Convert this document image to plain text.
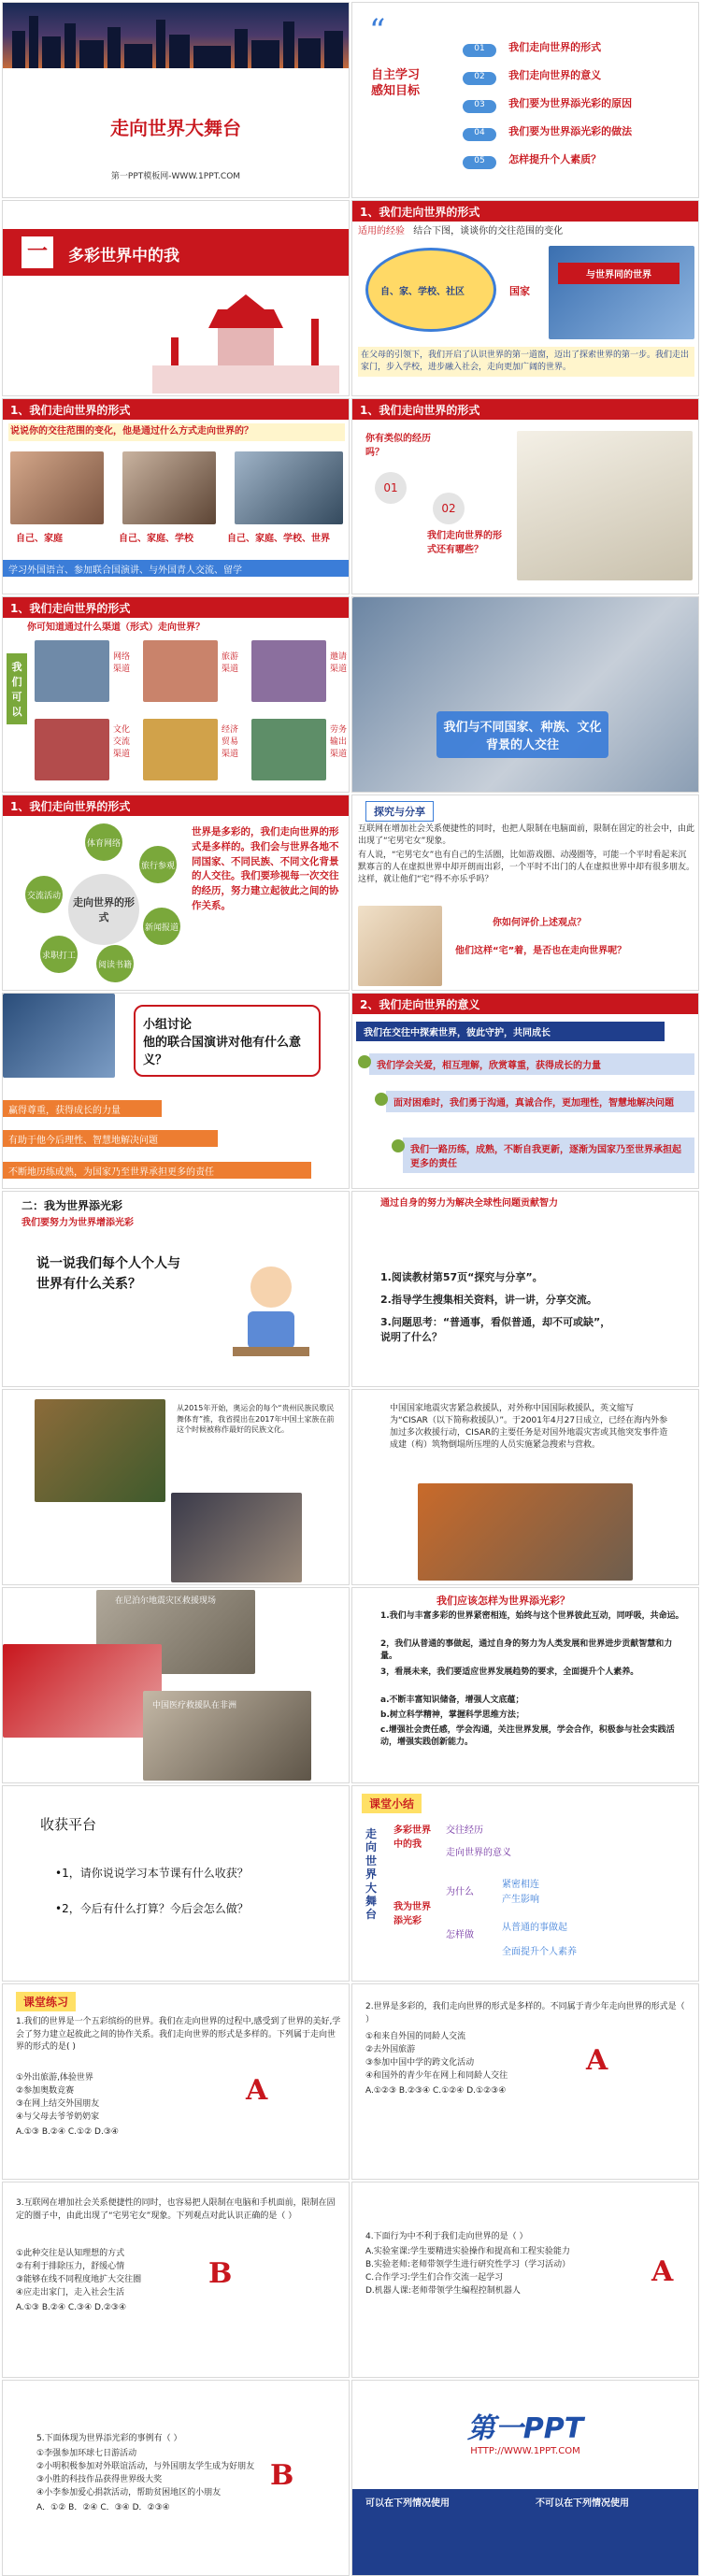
走向世界大舞台
第一PPT模板网-WWW.1PPT.COM
“
自主学习
感知目标
01 我们走向世界的形式
02 我们走向世界的意义
03 我们要为世界添光彩的原因
04 我们要为世界添光彩的做法
05 怎样提升个人素质？
一	多彩世界中的我
1、我们走向世界的形式
适用的经验 结合下图，谈谈你的交往范围的变化
自、家、学校、社区	国家
与世界同的世界
在父母的引领下，我们开启了认识世界的第一道窗，迈出了探索世界的第一步。我们走出家门，步入学校，进步融入社会，走向更加广阔的世界。
1、我们走向世界的形式
说说你的交往范围的变化，他是通过什么方式走向世界的？
自己、家庭	自己、家庭、学校	自己、家庭、学校、世界
学习外国语言、参加联合国演讲、与外国青人交流、留学
1、我们走向世界的形式
你有类似的经历吗？
01
02
我们走向世界的形式还有哪些？
1、我们走向世界的形式
你可知道通过什么渠道（形式）走向世界？
我们可以
网络渠道
旅游渠道
邀请渠道
文化交流渠道
经济贸易渠道
劳务输出渠道
我们与不同国家、种族、文化背景的人交往
1、我们走向世界的形式
走向世界的形式
体育网络
旅行参观
新闻报道
阅读书籍
求职打工
交流活动
世界是多彩的，我们走向世界的形式是多样的。我们会与世界各地不同国家、不同民族、不同文化背景的人交往。我们要珍视每一次交往的经历，努力建立起彼此之间的协作关系。
探究与分享
互联网在增加社会关系便捷性的同时，也把人限制在电脑面前，限制在固定的社会中，由此出现了“宅男宅女”现象。
有人说，“宅男宅女”也有自己的生活圈，比如游戏圈、动漫圈等，可能一个平时看起来沉默寡言的人在虚拟世界中却开朗而出彩，一个平时不出门的人在虚拟世界中却有很多朋友。这样，就让他们“宅”得不亦乐乎吗？
你如何评价上述观点？
他们这样“宅”着，是否也在走向世界呢？
小组讨论
他的联合国演讲对他有什么意义？
赢得尊重，获得成长的力量
有助于他今后理性、智慧地解决问题
不断地历练成熟，为国家乃至世界承担更多的责任
2、我们走向世界的意义
我们在交往中探索世界，彼此守护，共同成长
我们学会关爱，相互理解，欣赏尊重，获得成长的力量
面对困难时，我们勇于沟通，真诚合作，更加理性，智慧地解决问题
我们一路历练，成熟，不断自我更新，逐渐为国家乃至世界承担起更多的责任
二：我为世界添光彩
我们要努力为世界增添光彩
说一说我们每个人个人与世界有什么关系？
通过自身的努力为解决全球性问题贡献智力
1.阅读教材第57页“探究与分享”。
2.指导学生搜集相关资料，讲一讲，分享交流。
3.问题思考：“普通事，看似普通，却不可或缺”，说明了什么？
从2015年开始，奥运会的每个“贵州民族民歌民舞体育”推，我省提出在2017年中国土家族在前这个时候被称作最好的民族文化。
中国国家地震灾害紧急救援队，对外称中国国际救援队，英文缩写为“CISAR（以下简称救援队）”。于2001年4月27日成立，已经在海内外参加过多次救援行动，CISAR的主要任务是对国外地震灾害或其他突发事件造成建（构）筑物倒塌所压埋的人员实施紧急搜索与营救。
在尼泊尔地震灾区救援现场
中国医疗救援队在非洲
我们应该怎样为世界添光彩？
1.我们与丰富多彩的世界紧密相连，始终与这个世界彼此互动，同呼吸，共命运。
2，我们从普通的事做起，通过自身的努力为人类发展和世界进步贡献智慧和力量。
3，看展未来，我们要适应世界发展趋势的要求，全面提升个人素养。
a.不断丰富知识储备，增强人文底蕴；
b.树立科学精神，掌握科学思维方法；
c.增强社会责任感，学会沟通，关注世界发展，学会合作，积极参与社会实践活动，增强实践创新能力。
收获平台
•1，请你说说学习本节课有什么收获？
•2，今后有什么打算？今后会怎么做？
课堂小结
走向世界大舞台
多彩世界中的我
交往经历
走向世界的意义
我为世界添光彩
为什么
紧密相连
产生影响
怎样做
从普通的事做起
全面提升个人素养
课堂练习
1.我们的世界是一个五彩缤纷的世界。我们在走向世界的过程中,感受到了世界的美好,学会了努力建立起彼此之间的协作关系。我们走向世界的形式是多样的。下列属于走向世界的形式的是( )
①外出旅游,体验世界
②参加奥数竞赛
③在网上结交外国朋友
④与父母去爷爷奶奶家
A.①③ B.②④ C.①② D.③④
A
2.世界是多彩的，我们走向世界的形式是多样的。不同属于青少年走向世界的形式是（ ）
①和来自外国的同龄人交流
②去外国旅游
③参加中国中学的跨文化活动
④和国外的青少年在网上和同龄人交往
A.①②③ B.②③④ C.①②④ D.①②③④
A
3.互联网在增加社会关系便捷性的同时，也容易把人限制在电脑和手机面前，限制在固定的圈子中，由此出现了“宅男宅女”现象。下列观点对此认识正确的是（ ）
①此种交往是认知理想的方式
②有利于排除压力，舒缓心情
③能够在线不同程度地扩大交往圈
④应走出家门，走入社会生活
A.①③ B.②④ C.③④ D.②③④
B
4.下面行为中不利于我们走向世界的是（ ）
A.实验室课:学生要精进实验操作和提高和工程实验能力
B.实验老师:老师带领学生进行研究性学习（学习活动）
C.合作学习:学生们合作交流一起学习
D.机器人课:老师带领学生编程控制机器人
A
5.下面体现为世界添光彩的事例有（ ）
①李强参加环球七日游活动
②小明积极参加对外联谊活动，与外国朋友学生成为好朋友
③小胜的科技作品获得世界级大奖
④小李参加爱心捐款活动，帮助贫困地区的小朋友
A．①② B．②④ C．③④ D．②③④
B
第一PPT
HTTP://WWW.1PPT.COM
可以在下列情况使用	不可以在下列情况使用
